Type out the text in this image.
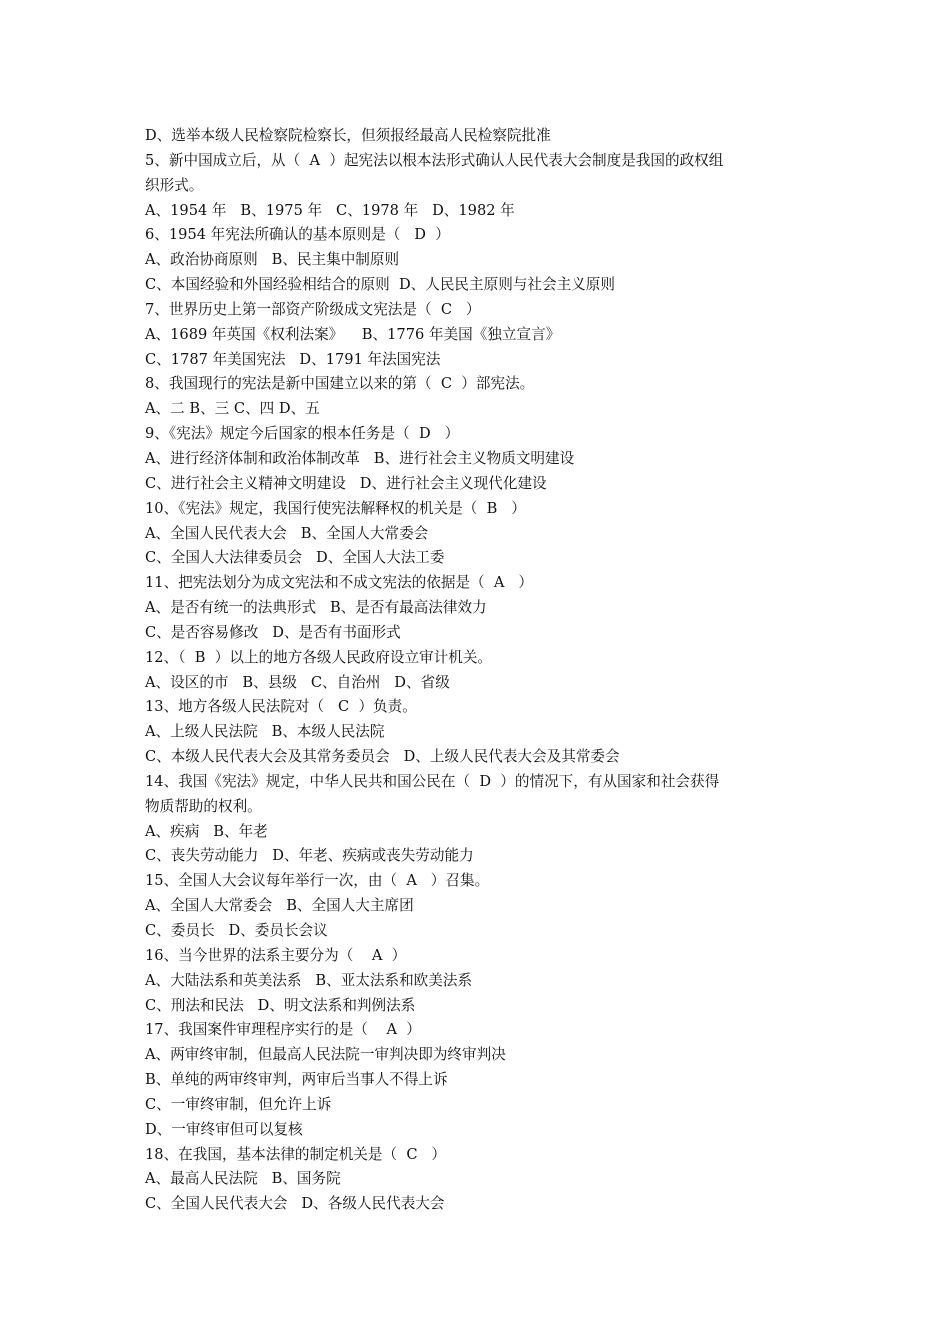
D、选举本级人民检察院检察长，但须报经最高人民检察院批准
5、新中国成立后，从（  A  ）起宪法以根本法形式确认人民代表大会制度是我国的政权组
织形式。
A、1954 年   B、1975 年   C、1978 年   D、1982 年
6、1954 年宪法所确认的基本原则是（   D  ）
A、政治协商原则   B、民主集中制原则
C、本国经验和外国经验相结合的原则  D、人民民主原则与社会主义原则
7、世界历史上第一部资产阶级成文宪法是（  C   ）
A、1689 年英国《权利法案》    B、1776 年美国《独立宣言》
C、1787 年美国宪法   D、1791 年法国宪法
8、我国现行的宪法是新中国建立以来的第（  C  ）部宪法。
A、二 B、三 C、四 D、五
9、《宪法》规定今后国家的根本任务是（  D   ）
A、进行经济体制和政治体制改革   B、进行社会主义物质文明建设
C、进行社会主义精神文明建设   D、进行社会主义现代化建设
10、《宪法》规定，我国行使宪法解释权的机关是（  B   ）
A、全国人民代表大会   B、全国人大常委会
C、全国人大法律委员会   D、全国人大法工委
11、把宪法划分为成文宪法和不成文宪法的依据是（  A   ）
A、是否有统一的法典形式   B、是否有最高法律效力
C、是否容易修改   D、是否有书面形式
12、（  B  ）以上的地方各级人民政府设立审计机关。
A、设区的市   B、县级   C、自治州   D、省级
13、地方各级人民法院对（   C  ）负责。
A、上级人民法院   B、本级人民法院
C、本级人民代表大会及其常务委员会   D、上级人民代表大会及其常委会
14、我国《宪法》规定，中华人民共和国公民在（  D  ）的情况下，有从国家和社会获得
物质帮助的权利。
A、疾病   B、年老
C、丧失劳动能力   D、年老、疾病或丧失劳动能力
15、全国人大会议每年举行一次，由（  A   ）召集。
A、全国人大常委会   B、全国人大主席团
C、委员长   D、委员长会议
16、当今世界的法系主要分为（    A  ）
A、大陆法系和英美法系   B、亚太法系和欧美法系
C、刑法和民法   D、明文法系和判例法系
17、我国案件审理程序实行的是（    A  ）
A、两审终审制，但最高人民法院一审判决即为终审判决
B、单纯的两审终审判，两审后当事人不得上诉
C、一审终审制，但允许上诉
D、一审终审但可以复核
18、在我国，基本法律的制定机关是（  C   ）
A、最高人民法院   B、国务院
C、全国人民代表大会   D、各级人民代表大会
